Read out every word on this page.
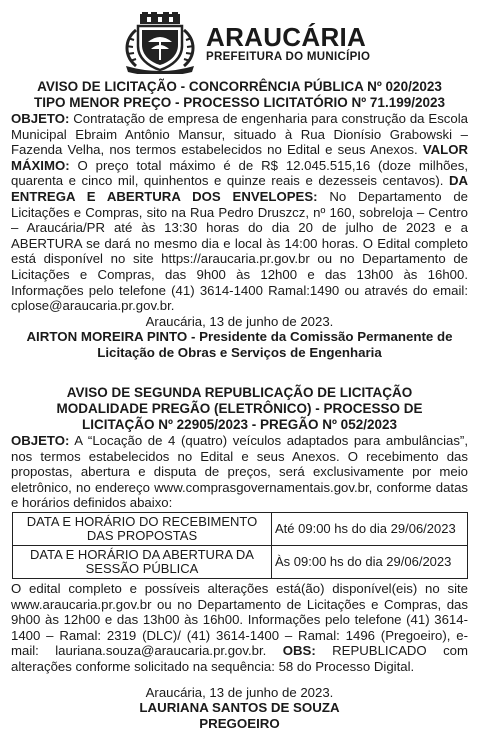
ARAUCÁRIA
PREFEITURA DO MUNICÍPIO
AVISO DE LICITAÇÃO - CONCORRÊNCIA PÚBLICA Nº 020/2023
TIPO MENOR PREÇO - PROCESSO LICITATÓRIO Nº 71.199/2023
OBJETO: Contratação de empresa de engenharia para construção da Escola Municipal Ebraim Antônio Mansur, situado à Rua Dionísio Grabowski – Fazenda Velha, nos termos estabelecidos no Edital e seus Anexos. VALOR MÁXIMO: O preço total máximo é de R$ 12.045.515,16 (doze milhões, quarenta e cinco mil, quinhentos e quinze reais e dezesseis centavos). DA ENTREGA E ABERTURA DOS ENVELOPES: No Departamento de Licitações e Compras, sito na Rua Pedro Druszcz, nº 160, sobreloja – Centro – Araucária/PR até às 13:30 horas do dia 20 de julho de 2023 e a ABERTURA se dará no mesmo dia e local às 14:00 horas. O Edital completo está disponível no site https://araucaria.pr.gov.br ou no Departamento de Licitações e Compras, das 9h00 às 12h00 e das 13h00 às 16h00. Informações pelo telefone (41) 3614-1400 Ramal:1490 ou através do email: cplose@araucaria.pr.gov.br.
Araucária, 13 de junho de 2023.
AIRTON MOREIRA PINTO - Presidente da Comissão Permanente de
Licitação de Obras e Serviços de Engenharia
AVISO DE SEGUNDA REPUBLICAÇÃO DE LICITAÇÃO
MODALIDADE PREGÃO (ELETRÔNICO) - PROCESSO DE
LICITAÇÃO Nº 22905/2023 - PREGÃO Nº 052/2023
OBJETO: A “Locação de 4 (quatro) veículos adaptados para ambulâncias”, nos termos estabelecidos no Edital e seus Anexos. O recebimento das propostas, abertura e disputa de preços, será exclusivamente por meio eletrônico, no endereço www.comprasgovernamentais.gov.br, conforme datas e horários definidos abaixo:
DATA E HORÁRIO DO RECEBIMENTO DAS PROPOSTAS	Até 09:00 hs do dia 29/06/2023
DATA E HORÁRIO DA ABERTURA DA SESSÃO PÚBLICA	Às 09:00 hs do dia 29/06/2023
O edital completo e possíveis alterações está(ão) disponível(eis) no site www.araucaria.pr.gov.br ou no Departamento de Licitações e Compras, das 9h00 às 12h00 e das 13h00 às 16h00. Informações pelo telefone (41) 3614-1400 – Ramal: 2319 (DLC)/ (41) 3614-1400 – Ramal: 1496 (Pregoeiro), e-mail: lauriana.souza@araucaria.pr.gov.br. OBS: REPUBLICADO com alterações conforme solicitado na sequência: 58 do Processo Digital.
Araucária, 13 de junho de 2023.
LAURIANA SANTOS DE SOUZA
PREGOEIRO
